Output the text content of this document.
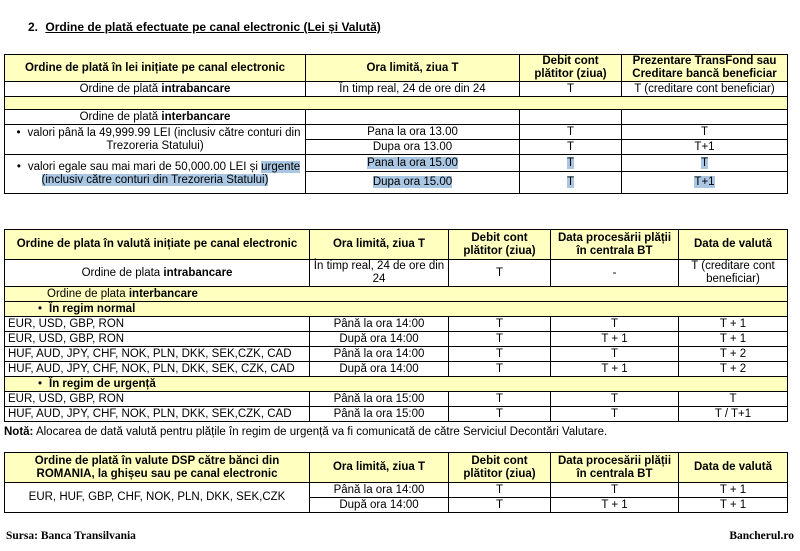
2. Ordine de plată efectuate pe canal electronic (Lei și Valută)
Ordine de plată în lei inițiate pe canal electronic	Ora limită, ziua T	Debit cont plătitor (ziua)	Prezentare TransFond sau Creditare bancă beneficiar
Ordine de plată intrabancare	În timp real, 24 de ore din 24	T	T (creditare cont beneficiar)

Ordine de plată interbancare			
• valori până la 49,999.99 LEI (inclusiv către conturi din Trezoreria Statului)	Pana la ora 13.00	T	T
	Dupa ora 13.00	T	T+1
• valori egale sau mai mari de 50,000.00 LEI și urgente (inclusiv către conturi din Trezoreria Statului)	Pana la ora 15.00	T	T
	Dupa ora 15.00	T	T+1
Ordine de plata în valută inițiate pe canal electronic	Ora limită, ziua T	Debit cont plătitor (ziua)	Data procesării plății în centrala BT	Data de valută
Ordine de plata intrabancare	În timp real, 24 de ore din 24	T	-	T (creditare cont beneficiar)
Ordine de plata interbancare				
• În regim normal				
EUR, USD, GBP, RON	Până la ora 14:00	T	T	T + 1
EUR, USD, GBP, RON	După ora 14:00	T	T + 1	T + 1
HUF, AUD, JPY, CHF, NOK, PLN, DKK, SEK,CZK, CAD	Până la ora 14:00	T	T	T + 2
HUF, AUD, JPY, CHF, NOK, PLN, DKK, SEK, CZK, CAD	După ora 14:00	T	T + 1	T + 2
• În regim de urgență				
EUR, USD, GBP, RON	Până la ora 15:00	T	T	T
HUF, AUD, JPY, CHF, NOK, PLN, DKK, SEK,CZK, CAD	Până la ora 15:00	T	T	T / T+1
Notă: Alocarea de dată valută pentru plățile în regim de urgență va fi comunicată de către Serviciul Decontări Valutare.
Ordine de plată în valute DSP către bănci din ROMANIA, la ghișeu sau pe canal electronic	Ora limită, ziua T	Debit cont plătitor (ziua)	Data procesării plății în centrala BT	Data de valută
EUR, HUF, GBP, CHF, NOK, PLN, DKK, SEK,CZK	Până la ora 14:00	T	T	T + 1
	După ora 14:00	T	T + 1	T + 1
Sursa: Banca Transilvania	Bancherul.ro
